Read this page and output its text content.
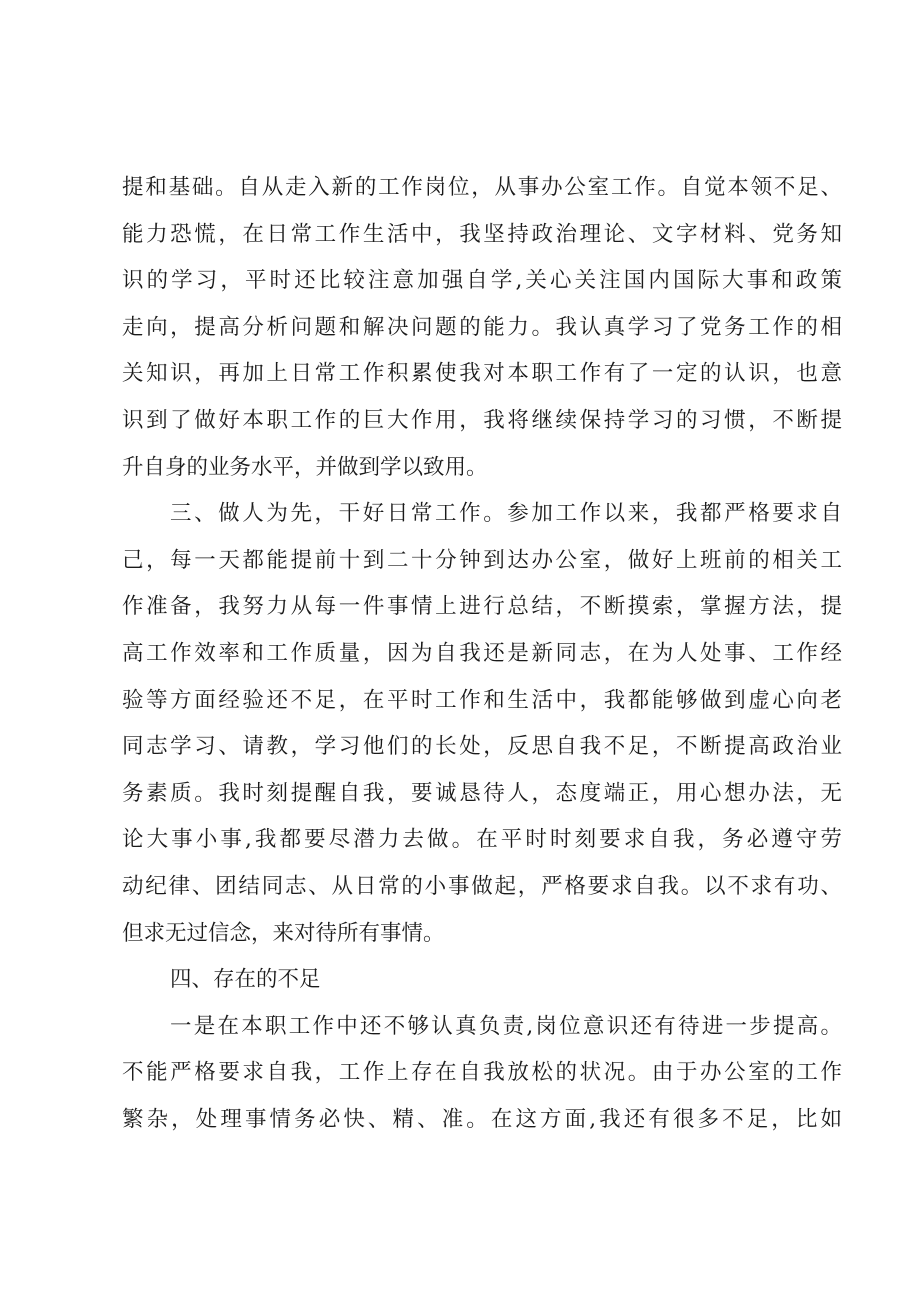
提和基础。自从走入新的工作岗位，从事办公室工作。自觉本领不足、
能力恐慌，在日常工作生活中，我坚持政治理论、文字材料、党务知
识的学习，平时还比较注意加强自学,关心关注国内国际大事和政策
走向，提高分析问题和解决问题的能力。我认真学习了党务工作的相
关知识，再加上日常工作积累使我对本职工作有了一定的认识，也意
识到了做好本职工作的巨大作用，我将继续保持学习的习惯，不断提
升自身的业务水平，并做到学以致用。
三、做人为先，干好日常工作。参加工作以来，我都严格要求自
己，每一天都能提前十到二十分钟到达办公室，做好上班前的相关工
作准备，我努力从每一件事情上进行总结，不断摸索，掌握方法，提
高工作效率和工作质量，因为自我还是新同志，在为人处事、工作经
验等方面经验还不足，在平时工作和生活中，我都能够做到虚心向老
同志学习、请教，学习他们的长处，反思自我不足，不断提高政治业
务素质。我时刻提醒自我，要诚恳待人，态度端正，用心想办法，无
论大事小事,我都要尽潜力去做。在平时时刻要求自我，务必遵守劳
动纪律、团结同志、从日常的小事做起，严格要求自我。以不求有功、
但求无过信念，来对待所有事情。
四、存在的不足
一是在本职工作中还不够认真负责,岗位意识还有待进一步提高。
不能严格要求自我，工作上存在自我放松的状况。由于办公室的工作
繁杂，处理事情务必快、精、准。在这方面,我还有很多不足，比如
